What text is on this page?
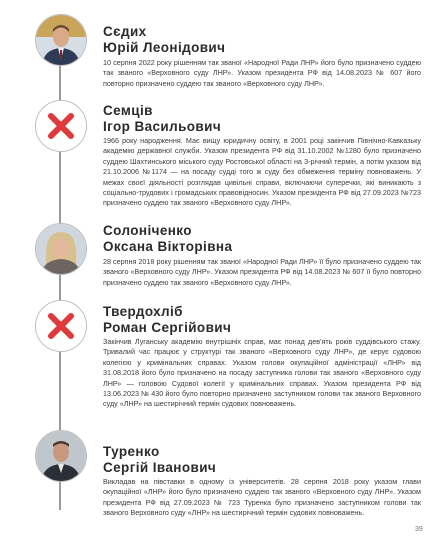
Сєдих
Юрій Леонідович
10 серпня 2022 року рішенням так званої «Народної Ради ЛНР» його було призначено суддею так званого «Верховного суду ЛНР». Указом президента РФ від 14.08.2023 № 607 його повторно призначено суддею так званого «Верховного суду ЛНР».
Семців
Ігор Васильович
1966 року народження. Має вищу юридичну освіту, в 2001 році закінчив Північно-Кавказьку академію державної служби. Указом президента РФ від 31.10.2002 №1280 було призначено суддею Шахтинського міського суду Ростовської області на 3-річний термін, а потім указом від 21.10.2006 №1174 — на посаду судді того ж суду без обмеження терміну повноважень. У межах своєї діяльності розглядав цивільні справи, включаючи суперечки, які виникають з соціально-трудових і громадських правовідносин. Указом президента РФ від 27.09.2023 №723 призначено суддею так званого «Верховного суду ЛНР».
Солоніченко
Оксана Вікторівна
28 серпня 2018 року рішенням так званої «Народної Ради ЛНР» її було призначено суддею так званого «Верховного суду ЛНР». Указом президента РФ від 14.08.2023 № 607 її було повторно призначено суддею так званого «Верховного суду ЛНР».
Твердохліб
Роман Сергійович
Закінчив Луганську академію внутрішніх справ, має понад дев'ять років суддівського стажу. Тривалий час працює у структурі так званого «Верховного суду ЛНР», де керує судовою колегією у кримінальних справах. Указом голови окупаційної адміністрації «ЛНР» від 31.08.2018 його було призначено на посаду заступника голови так званого «Верховного суду ЛНР» — головою Судової колегії у кримінальних справах. Указом президента РФ від 13.06.2023 № 430 його було повторно призначено заступником голови так званого Верховного суду «ЛНР» на шестирічний термін судових повноважень.
Туренко
Сергій Іванович
Викладав на півставки в одному із університетів. 28 серпня 2018 року указом глави окупаційної «ЛНР» його було призначено суддею так званого «Верховного суду ЛНР». Указом президента РФ від 27.09.2023 № 723 Туренка було призначено заступником голови так званого Верховного суду «ЛНР» на шестирічний термін судових повноважень.
39
